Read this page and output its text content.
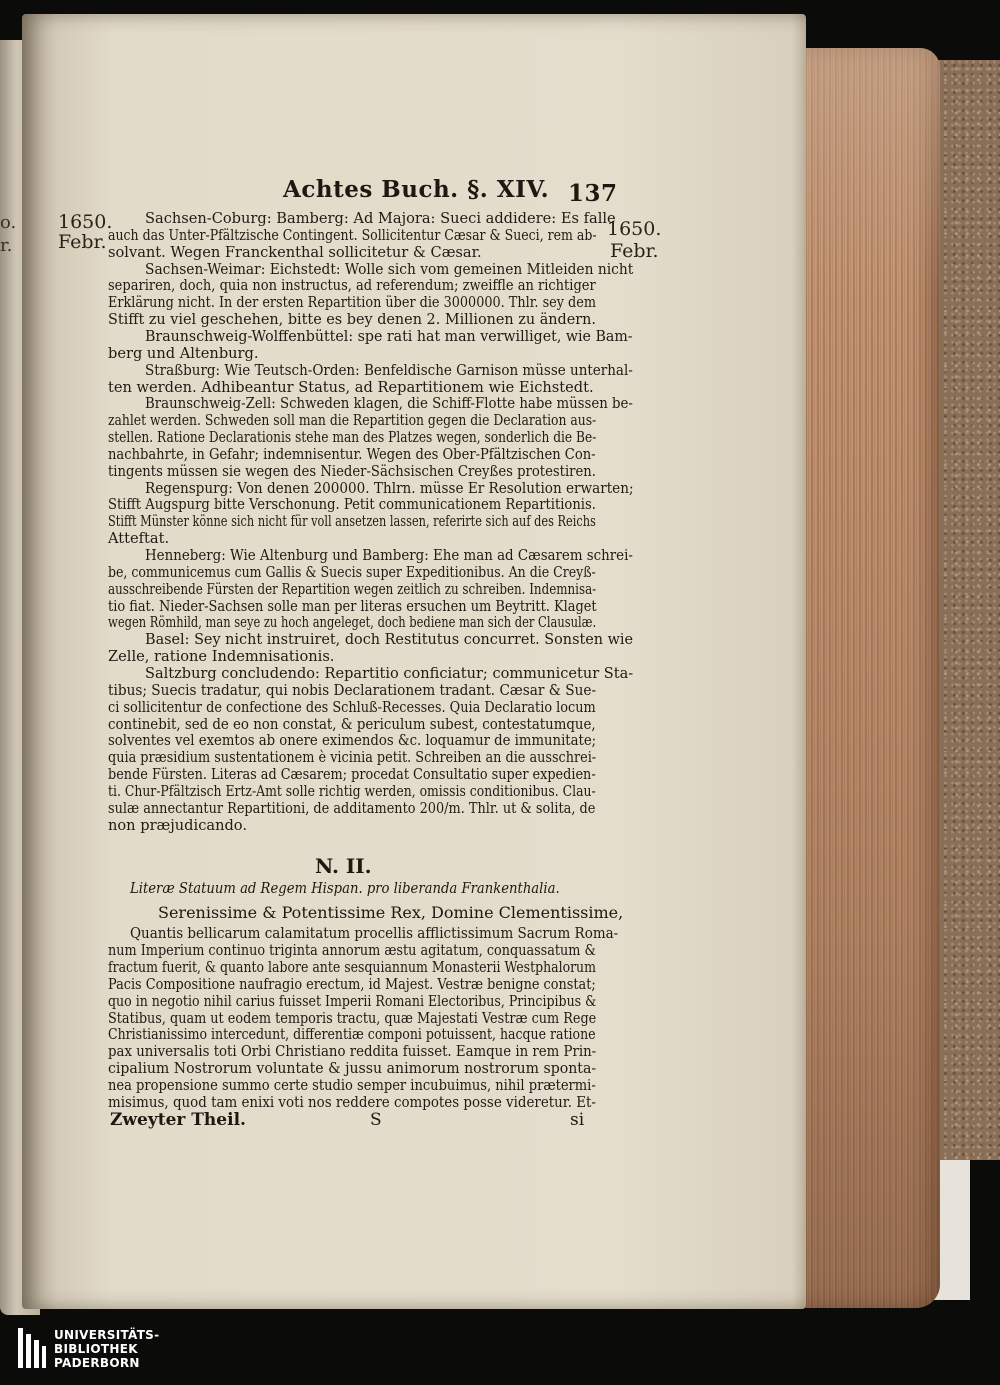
o.
r.
Achtes Buch. §. XIV. 137
1650.
Febr.
1650.
Febr.
Sachsen-Coburg: Bamberg: Ad Majora: Sueci addidere: Es falle
auch das Unter-Pfältzische Contingent. Sollicitentur Cæsar & Sueci, rem ab-
solvant. Wegen Franckenthal sollicitetur & Cæsar.
Sachsen-Weimar: Eichstedt: Wolle sich vom gemeinen Mitleiden nicht
separiren, doch, quia non instructus, ad referendum; zweiffle an richtiger
Erklärung nicht. In der ersten Repartition über die 3000000. Thlr. sey dem
Stifft zu viel geschehen, bitte es bey denen 2. Millionen zu ändern.
Braunschweig-Wolffenbüttel: spe rati hat man verwilliget, wie Bam-
berg und Altenburg.
Straßburg: Wie Teutsch-Orden: Benfeldische Garnison müsse unterhal-
ten werden. Adhibeantur Status, ad Repartitionem wie Eichstedt.
Braunschweig-Zell: Schweden klagen, die Schiff-Flotte habe müssen be-
zahlet werden. Schweden soll man die Repartition gegen die Declaration aus-
stellen. Ratione Declarationis stehe man des Platzes wegen, sonderlich die Be-
nachbahrte, in Gefahr; indemnisentur. Wegen des Ober-Pfältzischen Con-
tingents müssen sie wegen des Nieder-Sächsischen Creyßes protestiren.
Regenspurg: Von denen 200000. Thlrn. müsse Er Resolution erwarten;
Stifft Augspurg bitte Verschonung. Petit communicationem Repartitionis.
Stifft Münster könne sich nicht für voll ansetzen lassen, referirte sich auf des Reichs
Atteftat.
Henneberg: Wie Altenburg und Bamberg: Ehe man ad Cæsarem schrei-
be, communicemus cum Gallis & Suecis super Expeditionibus. An die Creyß-
ausschreibende Fürsten der Repartition wegen zeitlich zu schreiben. Indemnisa-
tio fiat. Nieder-Sachsen solle man per literas ersuchen um Beytritt. Klaget
wegen Römhild, man seye zu hoch angeleget, doch bediene man sich der Clausulæ.
Basel: Sey nicht instruiret, doch Restitutus concurret. Sonsten wie
Zelle, ratione Indemnisationis.
Saltzburg concludendo: Repartitio conficiatur; communicetur Sta-
tibus; Suecis tradatur, qui nobis Declarationem tradant. Cæsar & Sue-
ci sollicitentur de confectione des Schluß-Recesses. Quia Declaratio locum
continebit, sed de eo non constat, & periculum subest, contestatumque,
solventes vel exemtos ab onere eximendos &c. loquamur de immunitate;
quia præsidium sustentationem è vicinia petit. Schreiben an die ausschrei-
bende Fürsten. Literas ad Cæsarem; procedat Consultatio super expedien-
ti. Chur-Pfältzisch Ertz-Amt solle richtig werden, omissis conditionibus. Clau-
sulæ annectantur Repartitioni, de additamento 200/m. Thlr. ut & solita, de
non præjudicando.
N. II.
Literæ Statuum ad Regem Hispan. pro liberanda Frankenthalia.
Serenissime & Potentissime Rex, Domine Clementissime,
Quantis bellicarum calamitatum procellis afflictissimum Sacrum Roma-
num Imperium continuo triginta annorum æstu agitatum, conquassatum &
fractum fuerit, & quanto labore ante sesquiannum Monasterii Westphalorum
Pacis Compositione naufragio erectum, id Majest. Vestræ benigne constat;
quo in negotio nihil carius fuisset Imperii Romani Electoribus, Principibus &
Statibus, quam ut eodem temporis tractu, quæ Majestati Vestræ cum Rege
Christianissimo intercedunt, differentiæ componi potuissent, hacque ratione
pax universalis toti Orbi Christiano reddita fuisset. Eamque in rem Prin-
cipalium Nostrorum voluntate & jussu animorum nostrorum sponta-
nea propensione summo certe studio semper incubuimus, nihil prætermi-
misimus, quod tam enixi voti nos reddere compotes posse videretur. Et-
Zweyter Theil.	S	si
UNIVERSITÄTS-
BIBLIOTHEK
PADERBORN
